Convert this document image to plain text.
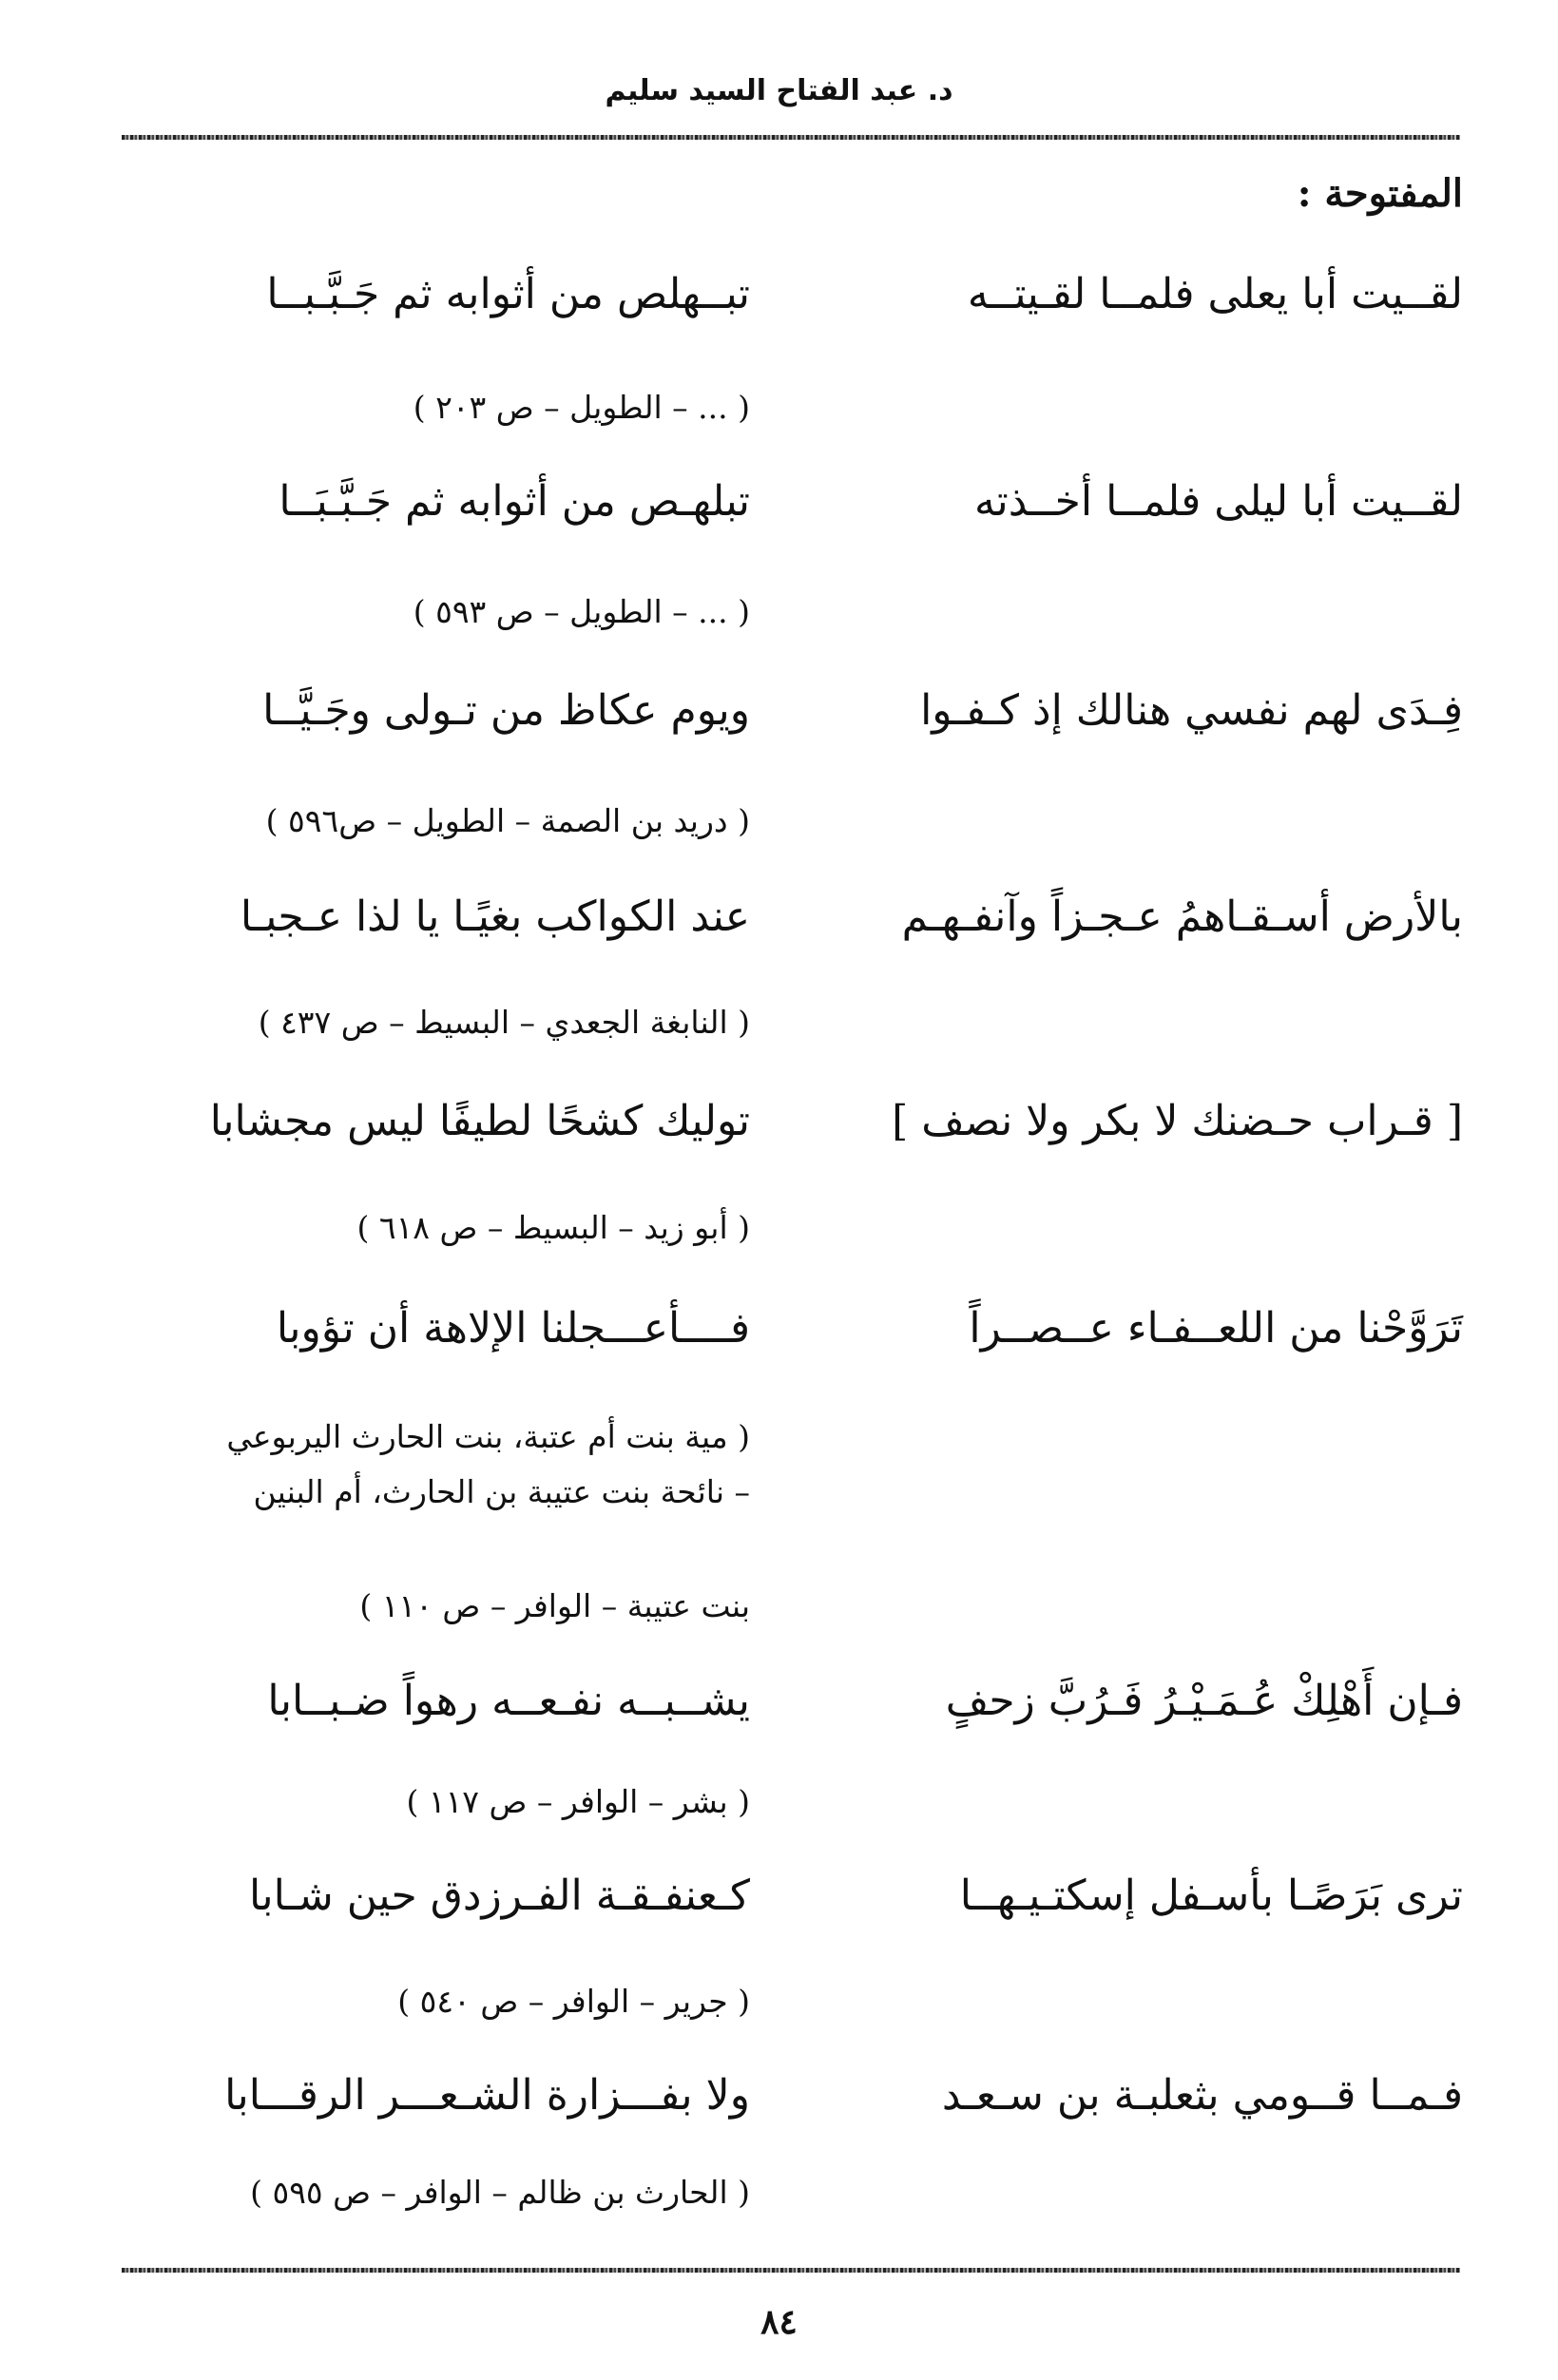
د. عبد الفتاح السيد سليم
المفتوحة :
لقــيت أبا يعلى فلمــا لقـيتــه
تبــهلص من أثوابه ثم جَـبَّـبــا
( ... – الطويل – ص ٢٠٣ )
لقــيت أبا ليلى فلمــا أخــذته
تبلهـص من أثوابه ثم جَـبَّـبَــا
( ... – الطويل – ص ٥٩٣ )
فِـدَى لهم نفسي هنالك إذ كـفـوا
ويوم عكاظ من تـولى وجَـيَّــا
( دريد بن الصمة – الطويل – ص٥٩٦ )
بالأرض أسـقـاهمُ عـجـزاً وآنفـهـم
عند الكواكب بغيًـا يا لذا عـجبـا
( النابغة الجعدي – البسيط – ص ٤٣٧ )
[ قـراب حـضنك لا بكر ولا نصف ]
توليك كشحًا لطيفًا ليس مجشابا
( أبو زيد – البسيط – ص ٦١٨ )
تَرَوَّحْنا من اللعــفـاء عــصــراً
فــــأعـــجلنا الإلاهة أن تؤوبا
( مية بنت أم عتبة، بنت الحارث اليربوعي
– نائحة بنت عتيبة بن الحارث، أم البنين
بنت عتيبة – الوافر – ص ١١٠ )
فـإن أَهْلِكْ عُـمَـيْـرُ فَـرُبَّ زحفٍ
يشــبــه نفـعــه رهواً ضـبــابا
( بشر – الوافر – ص ١١٧ )
ترى بَرَصًـا بأسـفل إسكتـيـهــا
كـعنفـقـة الفـرزدق حين شـابا
( جرير – الوافر – ص ٥٤٠ )
فـمــا قــومي بثعلبـة بن سـعـد
ولا بفـــزارة الشـعـــر الرقـــابا
( الحارث بن ظالم – الوافر – ص ٥٩٥ )
٨٤
